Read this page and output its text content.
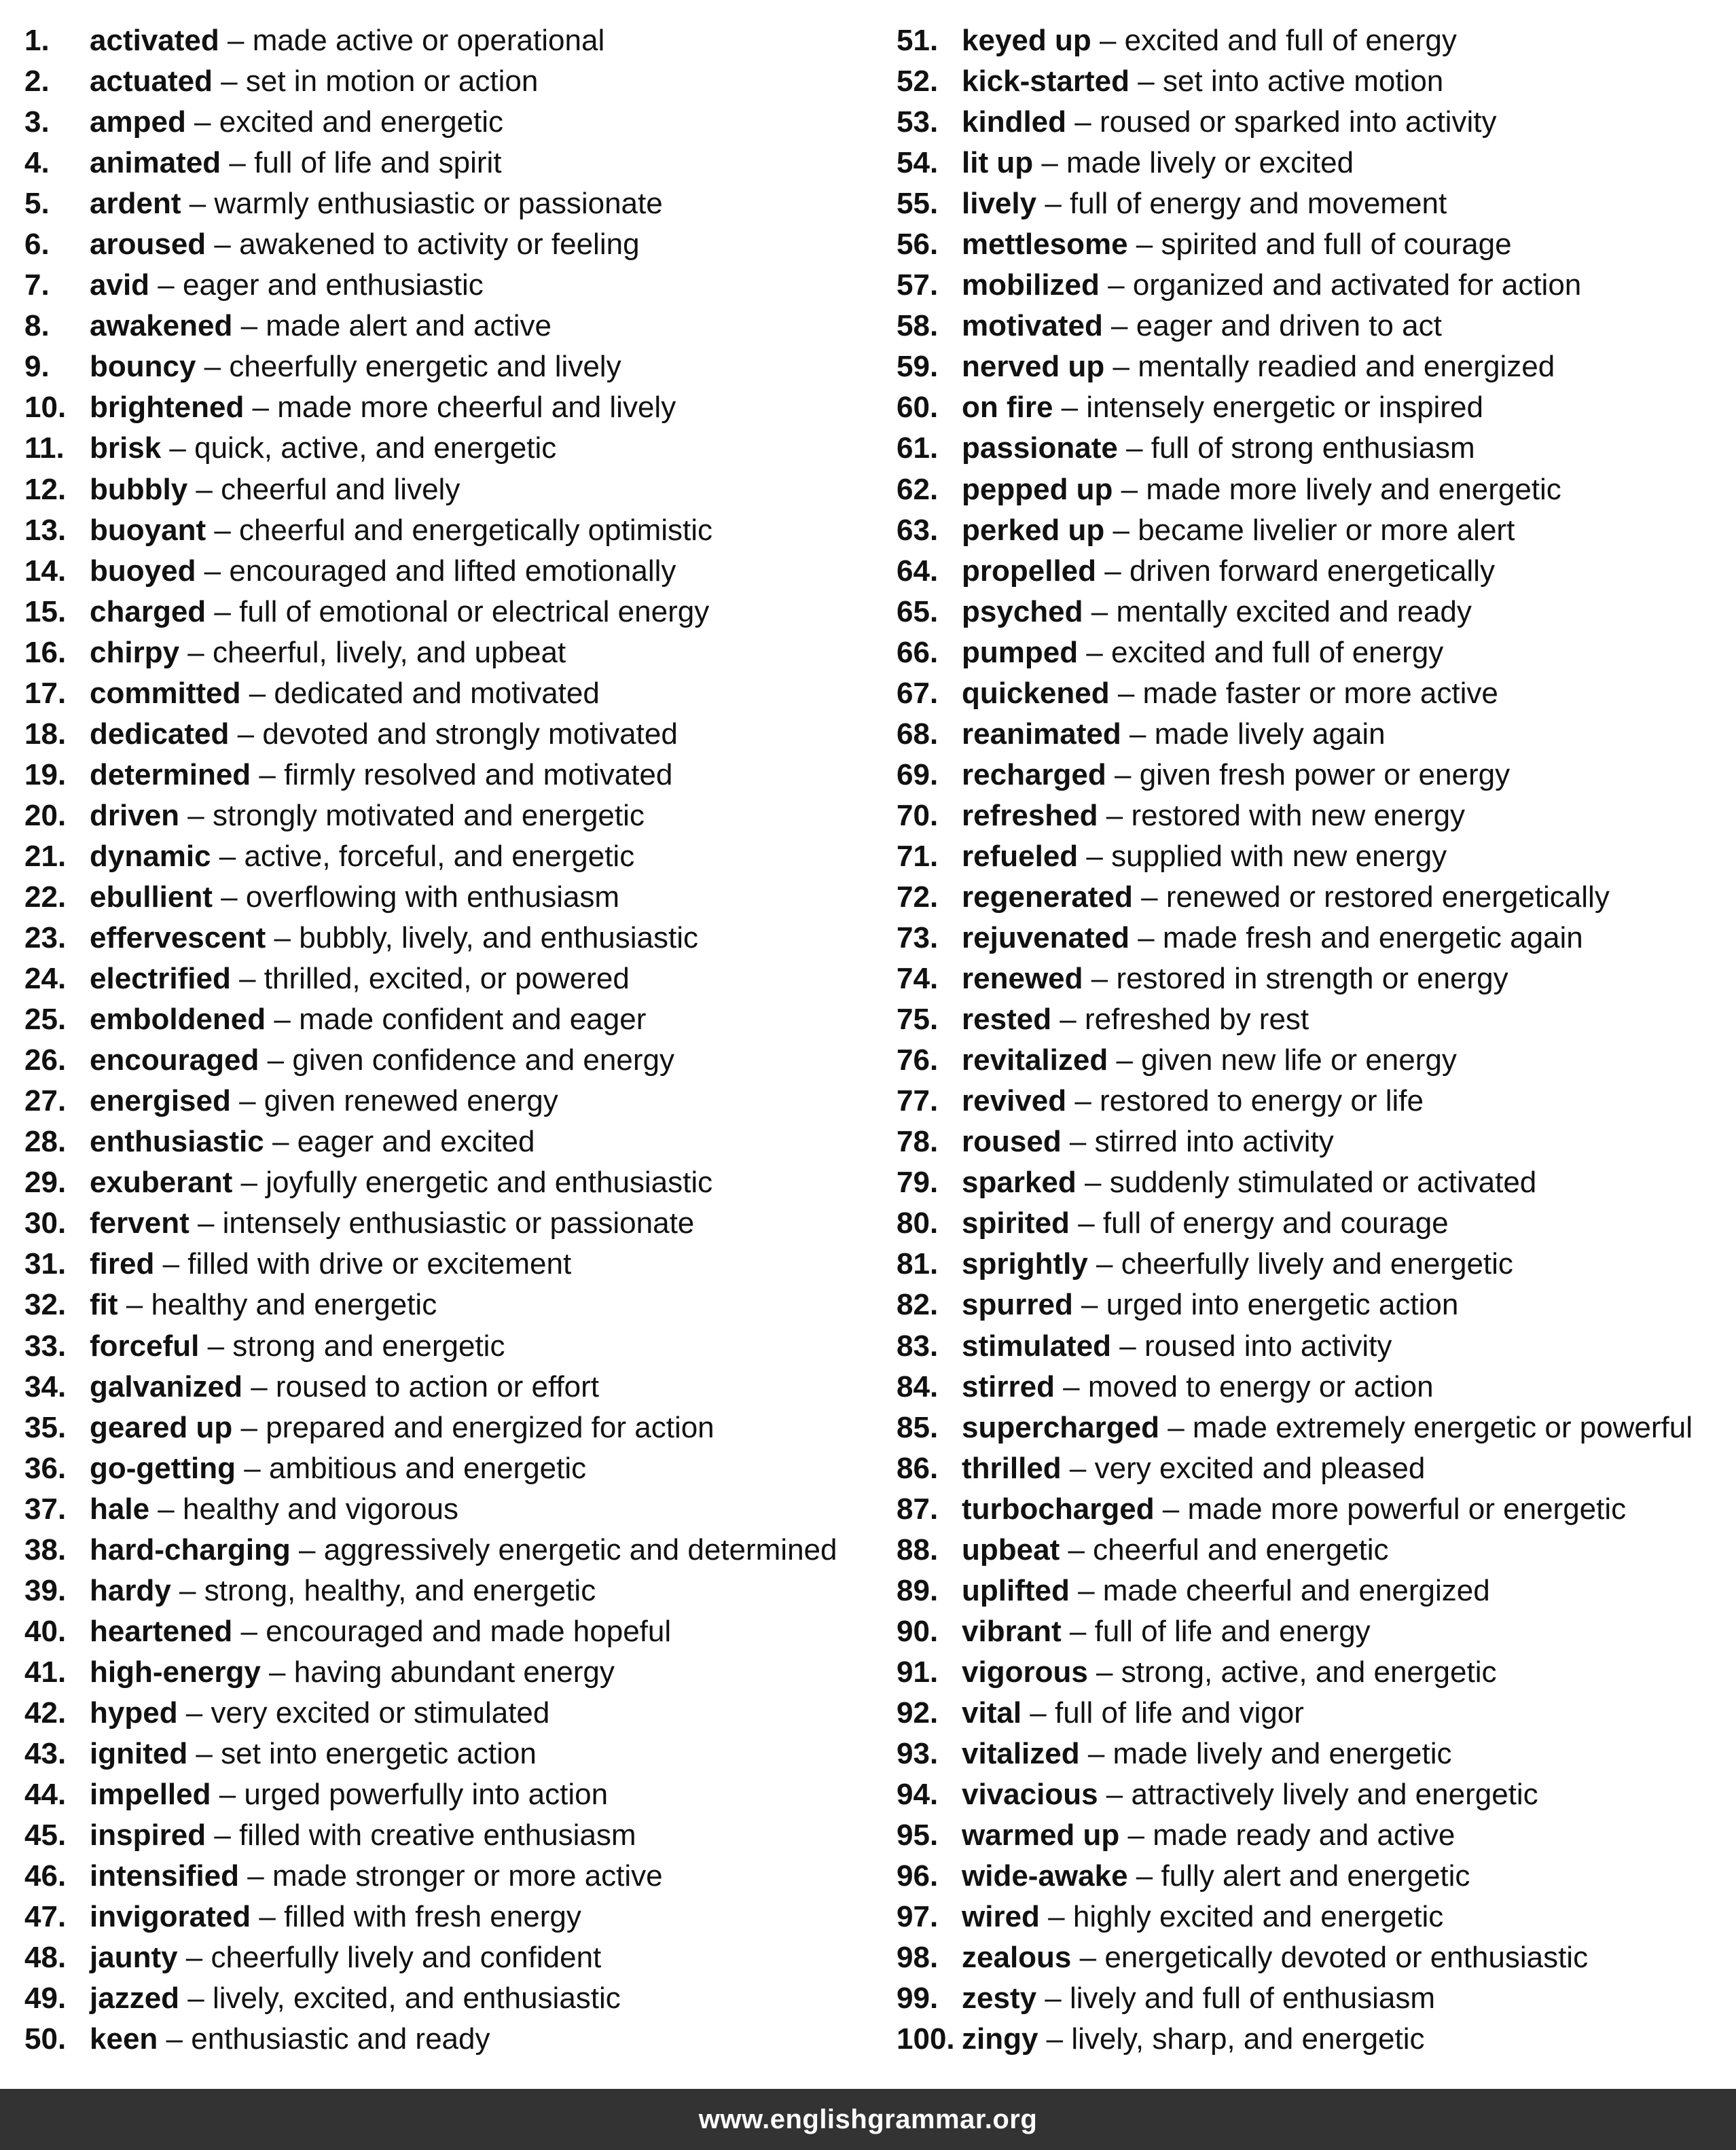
1.	activated – made active or operational
2.	actuated – set in motion or action
3.	amped – excited and energetic
4.	animated – full of life and spirit
5.	ardent – warmly enthusiastic or passionate
6.	aroused – awakened to activity or feeling
7.	avid – eager and enthusiastic
8.	awakened – made alert and active
9.	bouncy – cheerfully energetic and lively
10. brightened – made more cheerful and lively
11. brisk – quick, active, and energetic
12. bubbly – cheerful and lively
13. buoyant – cheerful and energetically optimistic
14. buoyed – encouraged and lifted emotionally
15. charged – full of emotional or electrical energy
16. chirpy – cheerful, lively, and upbeat
17. committed – dedicated and motivated
18. dedicated – devoted and strongly motivated
19. determined – firmly resolved and motivated
20. driven – strongly motivated and energetic
21. dynamic – active, forceful, and energetic
22. ebullient – overflowing with enthusiasm
23. effervescent – bubbly, lively, and enthusiastic
24. electrified – thrilled, excited, or powered
25. emboldened – made confident and eager
26. encouraged – given confidence and energy
27. energised – given renewed energy
28. enthusiastic – eager and excited
29. exuberant – joyfully energetic and enthusiastic
30. fervent – intensely enthusiastic or passionate
31. fired – filled with drive or excitement
32. fit – healthy and energetic
33. forceful – strong and energetic
34. galvanized – roused to action or effort
35. geared up – prepared and energized for action
36. go-getting – ambitious and energetic
37. hale – healthy and vigorous
38. hard-charging – aggressively energetic and determined
39. hardy – strong, healthy, and energetic
40. heartened – encouraged and made hopeful
41. high-energy – having abundant energy
42. hyped – very excited or stimulated
43. ignited – set into energetic action
44. impelled – urged powerfully into action
45. inspired – filled with creative enthusiasm
46. intensified – made stronger or more active
47. invigorated – filled with fresh energy
48. jaunty – cheerfully lively and confident
49. jazzed – lively, excited, and enthusiastic
50. keen – enthusiastic and ready
51. keyed up – excited and full of energy
52. kick-started – set into active motion
53. kindled – roused or sparked into activity
54. lit up – made lively or excited
55. lively – full of energy and movement
56. mettlesome – spirited and full of courage
57. mobilized – organized and activated for action
58. motivated – eager and driven to act
59. nerved up – mentally readied and energized
60. on fire – intensely energetic or inspired
61. passionate – full of strong enthusiasm
62. pepped up – made more lively and energetic
63. perked up – became livelier or more alert
64. propelled – driven forward energetically
65. psyched – mentally excited and ready
66. pumped – excited and full of energy
67. quickened – made faster or more active
68. reanimated – made lively again
69. recharged – given fresh power or energy
70. refreshed – restored with new energy
71. refueled – supplied with new energy
72. regenerated – renewed or restored energetically
73. rejuvenated – made fresh and energetic again
74. renewed – restored in strength or energy
75. rested – refreshed by rest
76. revitalized – given new life or energy
77. revived – restored to energy or life
78. roused – stirred into activity
79. sparked – suddenly stimulated or activated
80. spirited – full of energy and courage
81. sprightly – cheerfully lively and energetic
82. spurred – urged into energetic action
83. stimulated – roused into activity
84. stirred – moved to energy or action
85. supercharged – made extremely energetic or powerful
86. thrilled – very excited and pleased
87. turbocharged – made more powerful or energetic
88. upbeat – cheerful and energetic
89. uplifted – made cheerful and energized
90. vibrant – full of life and energy
91. vigorous – strong, active, and energetic
92. vital – full of life and vigor
93. vitalized – made lively and energetic
94. vivacious – attractively lively and energetic
95. warmed up – made ready and active
96. wide-awake – fully alert and energetic
97. wired – highly excited and energetic
98. zealous – energetically devoted or enthusiastic
99. zesty – lively and full of enthusiasm
100. zingy – lively, sharp, and energetic
www.englishgrammar.org
